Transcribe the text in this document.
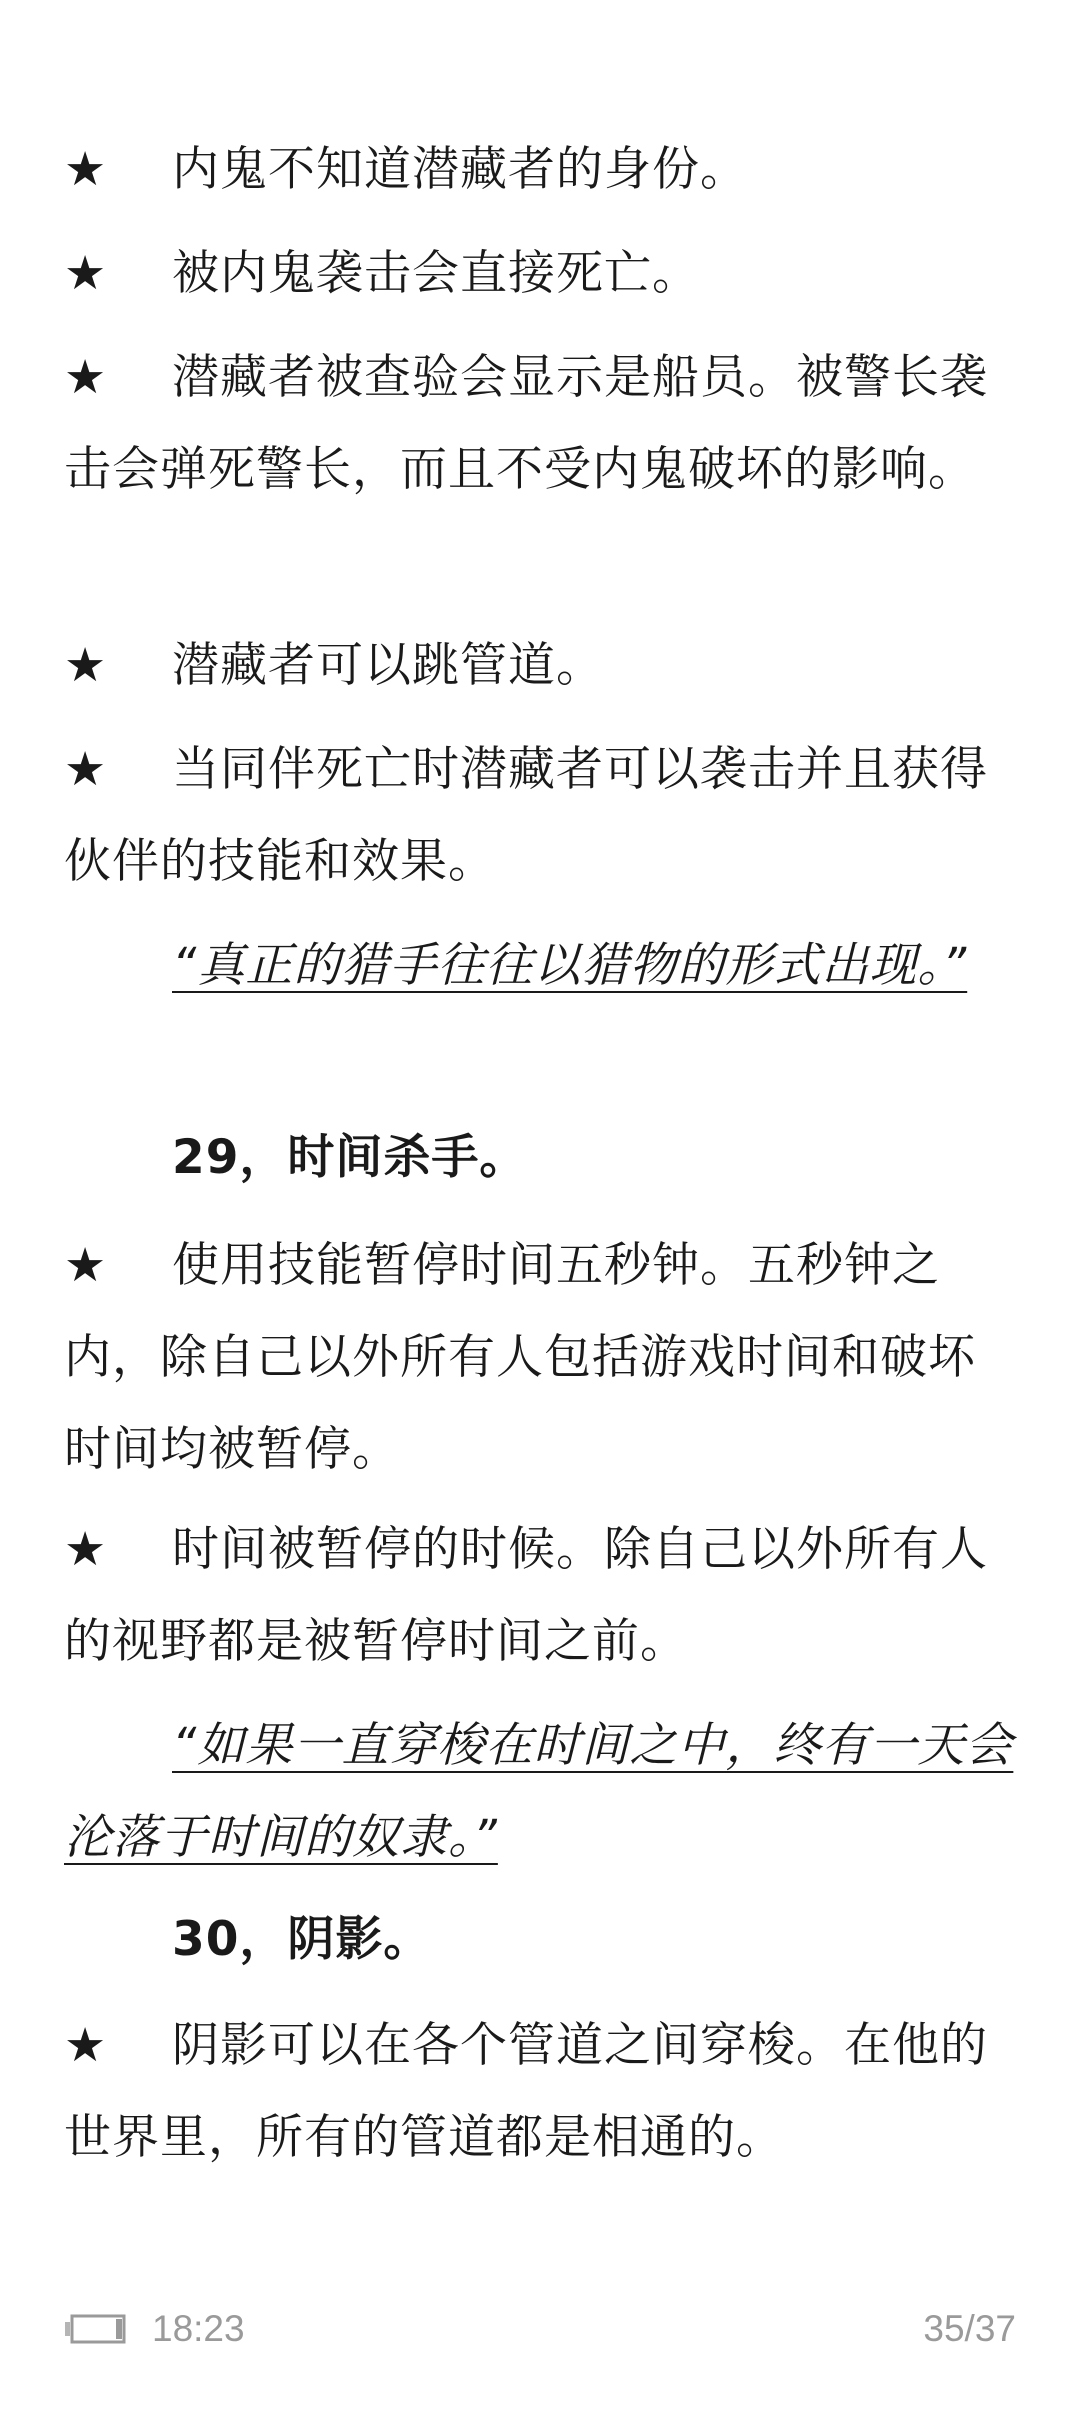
★ 内鬼不知道潜藏者的身份。

★ 被内鬼袭击会直接死亡。

★ 潜藏者被查验会显示是船员。被警长袭击会弹死警长，而且不受内鬼破坏的影响。

★ 潜藏者可以跳管道。

★ 当同伴死亡时潜藏者可以袭击并且获得伙伴的技能和效果。

“真正的猎手往往以猎物的形式出现。”

29，时间杀手。

★ 使用技能暂停时间五秒钟。五秒钟之内，除自己以外所有人包括游戏时间和破坏时间均被暂停。

★ 时间被暂停的时候。除自己以外所有人的视野都是被暂停时间之前。

“如果一直穿梭在时间之中，终有一天会沦落于时间的奴隶。”

30，阴影。

★ 阴影可以在各个管道之间穿梭。在他的世界里，所有的管道都是相通的。

18:23	35/37
